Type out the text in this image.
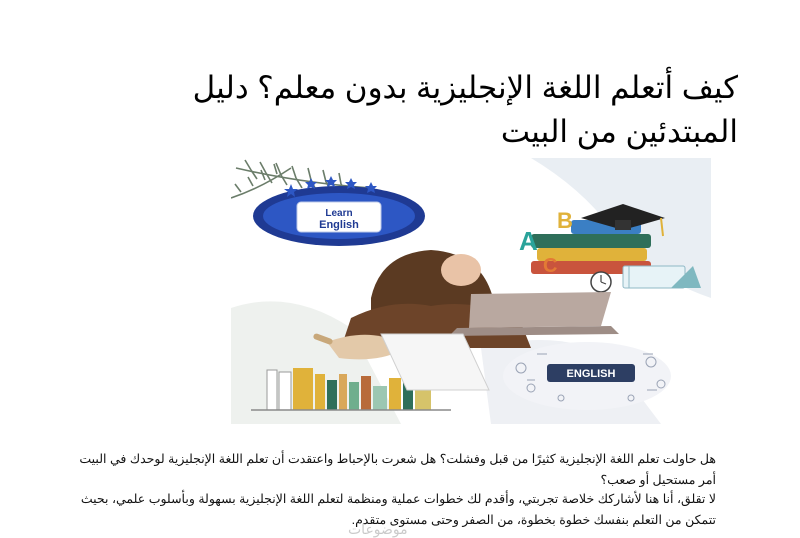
كيف أتعلم اللغة الإنجليزية بدون معلم؟ دليل المبتدئين من البيت
Learn
English
A
B
C
ENGLISH

هل حاولت تعلم اللغة الإنجليزية كثيرًا من قبل وفشلت؟ هل شعرت بالإحباط واعتقدت أن تعلم اللغة الإنجليزية لوحدك في البيت أمر مستحيل أو صعب؟

لا تقلق، أنا هنا لأشاركك خلاصة تجربتي، وأقدم لك خطوات عملية ومنظمة لتعلم اللغة الإنجليزية بسهولة وبأسلوب علمي، بحيث تتمكن من التعلم بنفسك خطوة بخطوة، من الصفر وحتى مستوى متقدم.

موضوعات
